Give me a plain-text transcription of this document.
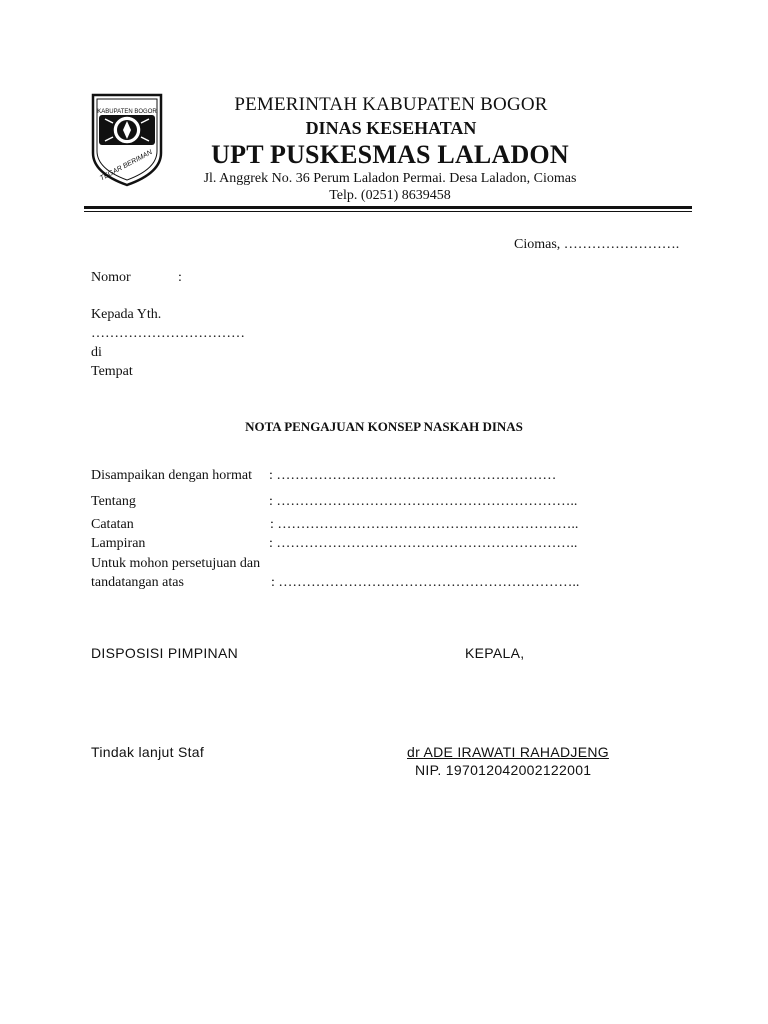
KABUPATEN BOGOR
TEGAR BERIMAN
PEMERINTAH KABUPATEN BOGOR
DINAS KESEHATAN
UPT PUSKESMAS LALADON
Jl. Anggrek No. 36 Perum Laladon Permai. Desa Laladon, Ciomas
Telp. (0251) 8639458
Ciomas, …………………….
Nomor	:
Kepada Yth.
……………………………
di
Tempat
NOTA PENGAJUAN KONSEP NASKAH DINAS
Disampaikan dengan hormat : ……………………………………………………
Tentang	: ………………………………………………………..
Catatan	: ………………………………………………………..
Lampiran	: ………………………………………………………..
Untuk mohon persetujuan dan
tandatangan atas	: ………………………………………………………..
DISPOSISI PIMPINAN	KEPALA,
Tindak lanjut Staf	dr ADE IRAWATI RAHADJENG
NIP. 197012042002122001
